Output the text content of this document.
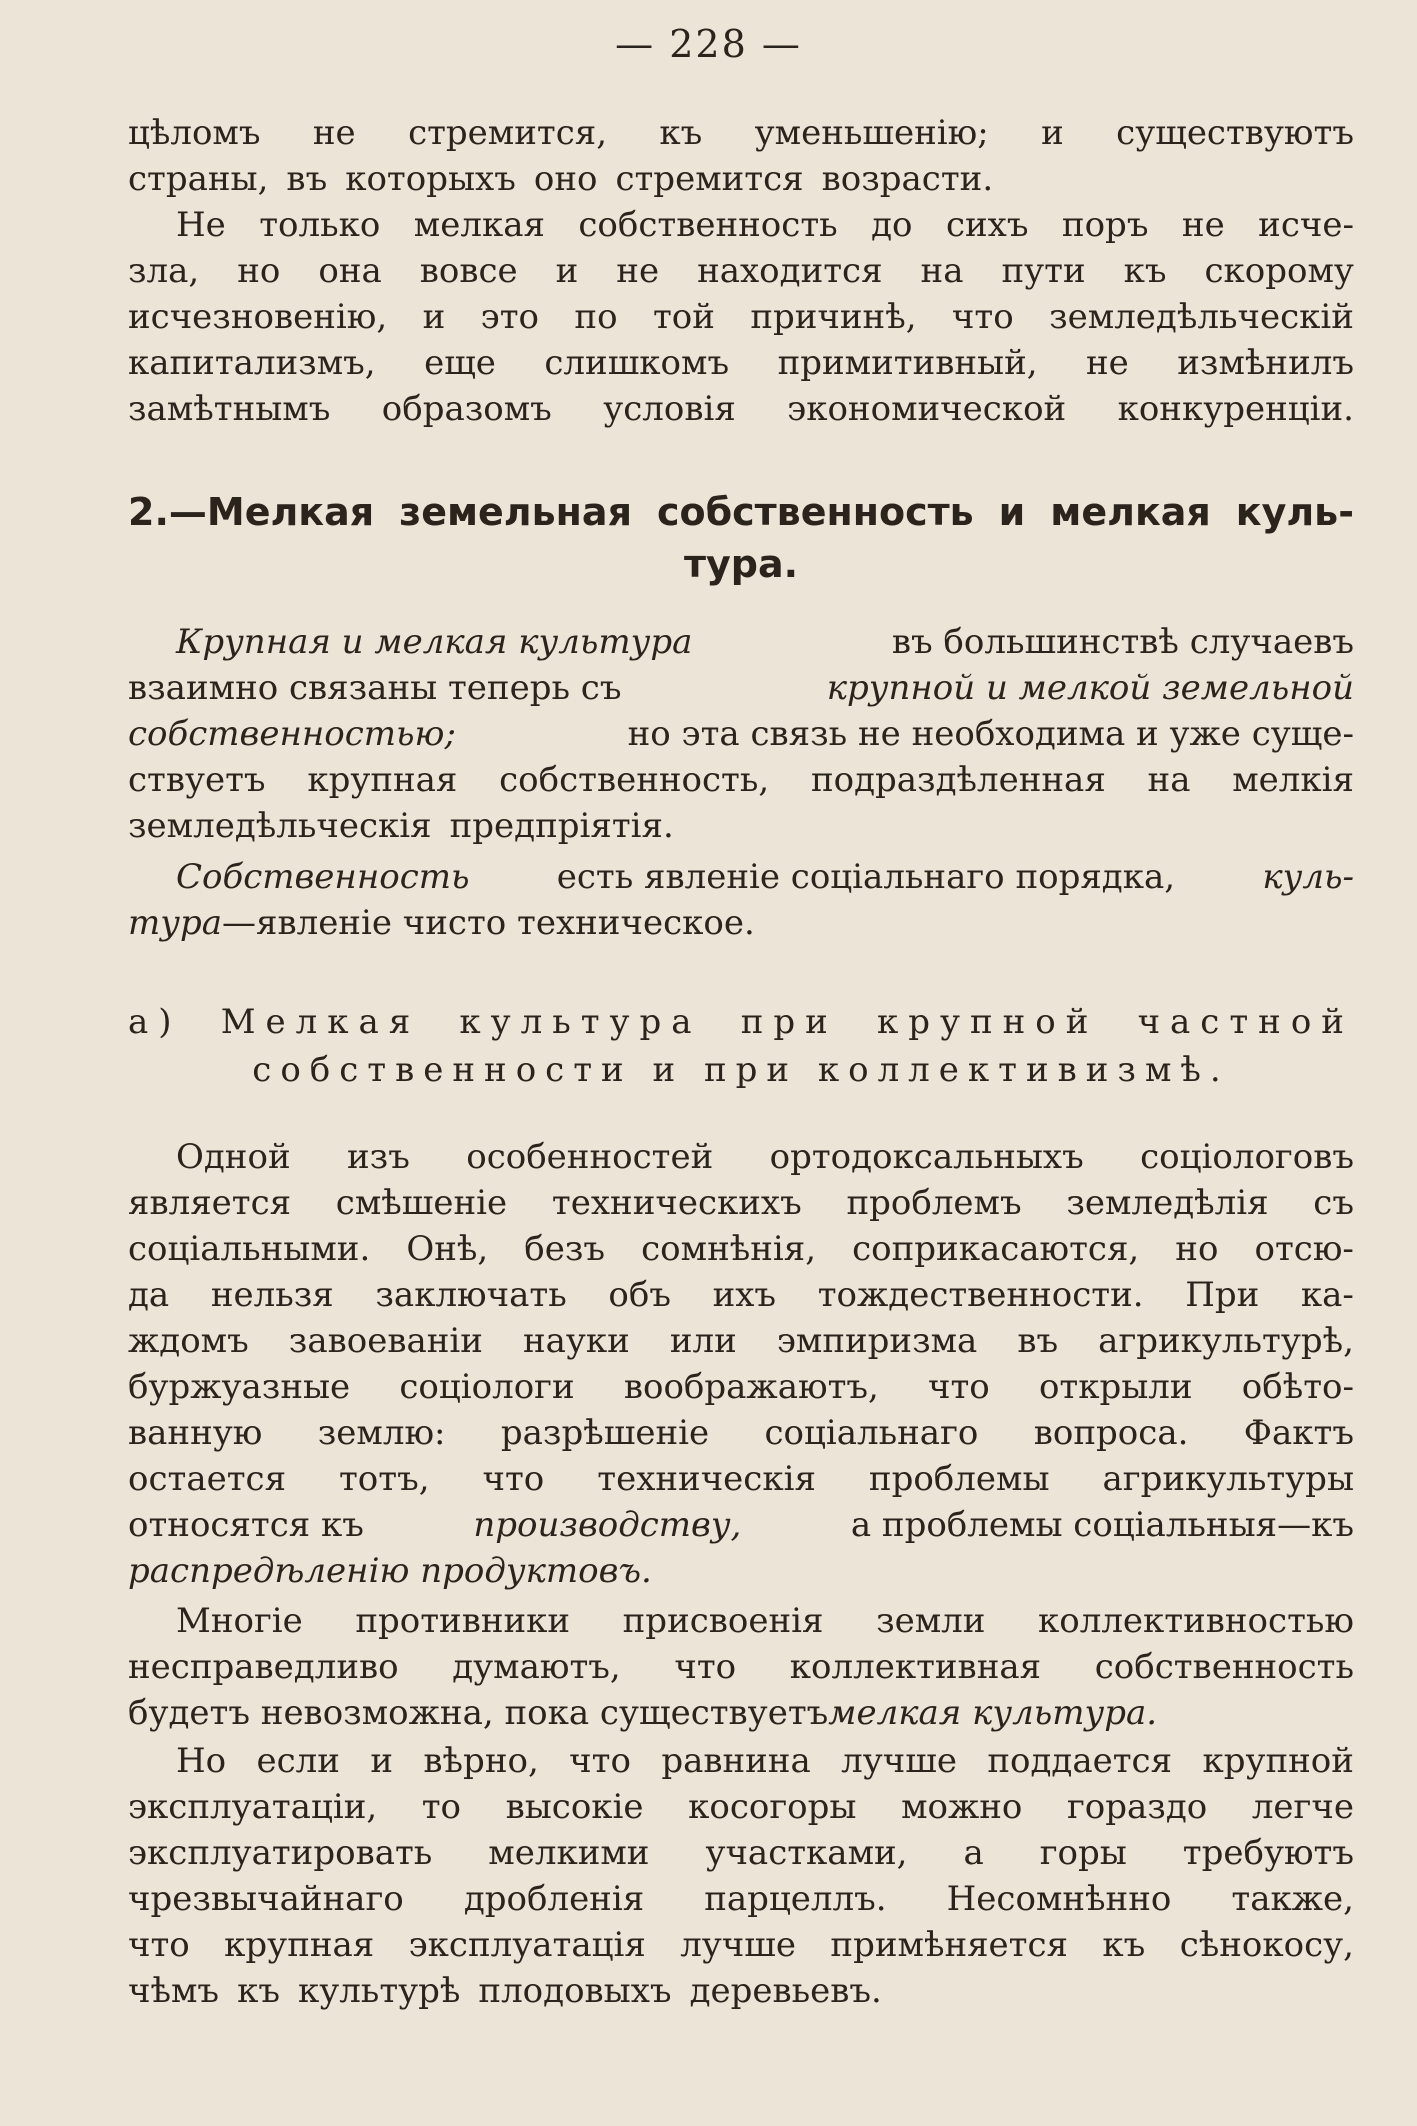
— 228 —
цѣломъ не стремится, къ уменьшенію; и существуютъ
страны, въ которыхъ оно стремится возрасти.
Не только мелкая собственность до сихъ поръ не исче-
зла, но она вовсе и не находится на пути къ скорому
исчезновенію, и это по той причинѣ, что земледѣльческій
капитализмъ, еще слишкомъ примитивный, не измѣнилъ
замѣтнымъ образомъ условія экономической конкуренціи.
2.—Мелкая земельная собственность и мелкая куль-
тура.
Крупная и мелкая культура	въ большинствѣ случаевъ
взаимно связаны теперь съ	крупной и мелкой земельной
собственностью;	но эта связь не необходима и уже суще-
ствуетъ крупная собственность, подраздѣленная на мелкія
земледѣльческія предпріятія.
Собственность	есть явленіе соціальнаго порядка,	куль-
тура —явленіе чисто техническое.
а) Мелкая культура при крупной частной
собственности и при коллективизмѣ.
Одной изъ особенностей ортодоксальныхъ соціологовъ
является смѣшеніе техническихъ проблемъ земледѣлія съ
соціальными. Онѣ, безъ сомнѣнія, соприкасаются, но отсю-
да нельзя заключать объ ихъ тождественности. При ка-
ждомъ завоеваніи науки или эмпиризма въ агрикультурѣ,
буржуазные соціологи воображаютъ, что открыли обѣто-
ванную землю: разрѣшеніе соціальнаго вопроса. Фактъ
остается тотъ, что техническія проблемы агрикультуры
относятся къ	производству,	а проблемы соціальныя—къ
распредѣленію продуктовъ.
Многіе противники присвоенія земли коллективностью
несправедливо думаютъ, что коллективная собственность
будетъ невозможна, пока существуетъ мелкая культура.
Но если и вѣрно, что равнина лучше поддается крупной
эксплуатаціи, то высокіе косогоры можно гораздо легче
эксплуатировать мелкими участками, а горы требуютъ
чрезвычайнаго дробленія парцеллъ. Несомнѣнно также,
что крупная эксплуатація лучше примѣняется къ сѣнокосу,
чѣмъ къ культурѣ плодовыхъ деревьевъ.
